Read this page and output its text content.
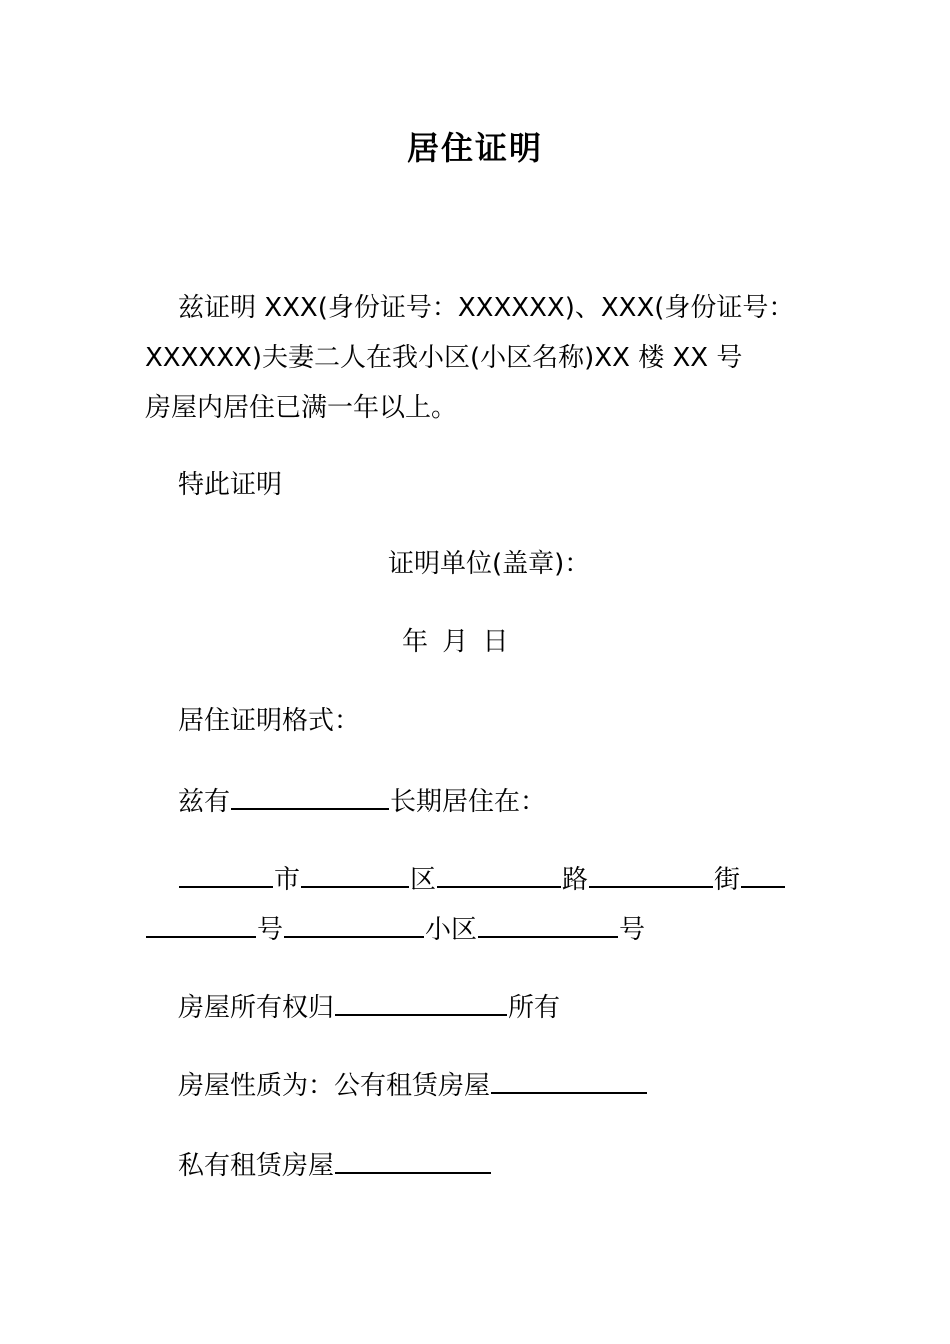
居住证明
兹证明 XXX(身份证号：XXXXXX)、XXX(身份证号：
XXXXXX)夫妻二人在我小区(小区名称)XX 楼 XX 号
房屋内居住已满一年以上。
特此证明
证明单位(盖章)：
年 月 日
居住证明格式：
兹有	长期居住在：
市	区	路	街
号	小区	号
房屋所有权归	所有
房屋性质为：公有租赁房屋
私有租赁房屋
